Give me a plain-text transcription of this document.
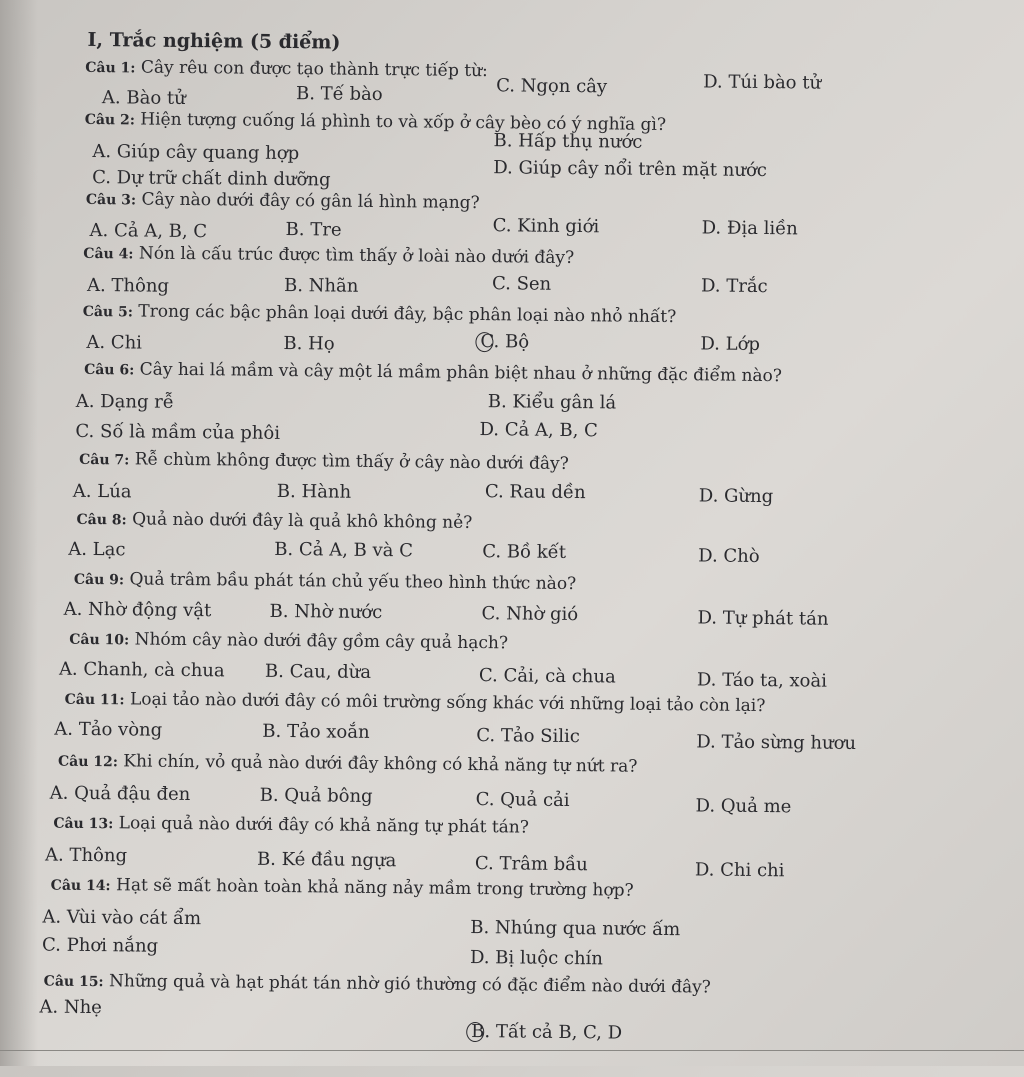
I, Trắc nghiệm (5 điểm)
Câu 1: Cây rêu con được tạo thành trực tiếp từ:
A. Bào tử	B. Tế bào	C. Ngọn cây	D. Túi bào tử
Câu 2: Hiện tượng cuống lá phình to và xốp ở cây bèo có ý nghĩa gì?
A. Giúp cây quang hợp	B. Hấp thụ nước
C. Dự trữ chất dinh dưỡng	D. Giúp cây nổi trên mặt nước
Câu 3: Cây nào dưới đây có gân lá hình mạng?
A. Cả A, B, C	B. Tre	C. Kinh giới	D. Địa liền
Câu 4: Nón là cấu trúc được tìm thấy ở loài nào dưới đây?
A. Thông	B. Nhãn	C. Sen	D. Trắc
Câu 5: Trong các bậc phân loại dưới đây, bậc phân loại nào nhỏ nhất?
A. Chi	B. Họ	C. Bộ	D. Lớp
Câu 6: Cây hai lá mầm và cây một lá mầm phân biệt nhau ở những đặc điểm nào?
A. Dạng rễ	B. Kiểu gân lá
C. Số là mầm của phôi	D. Cả A, B, C
Câu 7: Rễ chùm không được tìm thấy ở cây nào dưới đây?
A. Lúa	B. Hành	C. Rau dền	D. Gừng
Câu 8: Quả nào dưới đây là quả khô không nẻ?
A. Lạc	B. Cả A, B và C	C. Bồ kết	D. Chò
Câu 9: Quả trâm bầu phát tán chủ yếu theo hình thức nào?
A. Nhờ động vật	B. Nhờ nước	C. Nhờ gió	D. Tự phát tán
Câu 10: Nhóm cây nào dưới đây gồm cây quả hạch?
A. Chanh, cà chua B. Cau, dừa	C. Cải, cà chua	D. Táo ta, xoài
Câu 11: Loại tảo nào dưới đây có môi trường sống khác với những loại tảo còn lại?
A. Tảo vòng	B. Tảo xoắn	C. Tảo Silic	D. Tảo sừng hươu
Câu 12: Khi chín, vỏ quả nào dưới đây không có khả năng tự nứt ra?
A. Quả đậu đen	B. Quả bông	C. Quả cải	D. Quả me
Câu 13: Loại quả nào dưới đây có khả năng tự phát tán?
A. Thông	B. Ké đầu ngựa	C. Trâm bầu	D. Chi chi
Câu 14: Hạt sẽ mất hoàn toàn khả năng nảy mầm trong trường hợp?
A. Vùi vào cát ẩm	B. Nhúng qua nước ấm
C. Phơi nắng
D. Bị luộc chín
Câu 15: Những quả và hạt phát tán nhờ gió thường có đặc điểm nào dưới đây?
A. Nhẹ
B. Tất cả B, C, D
